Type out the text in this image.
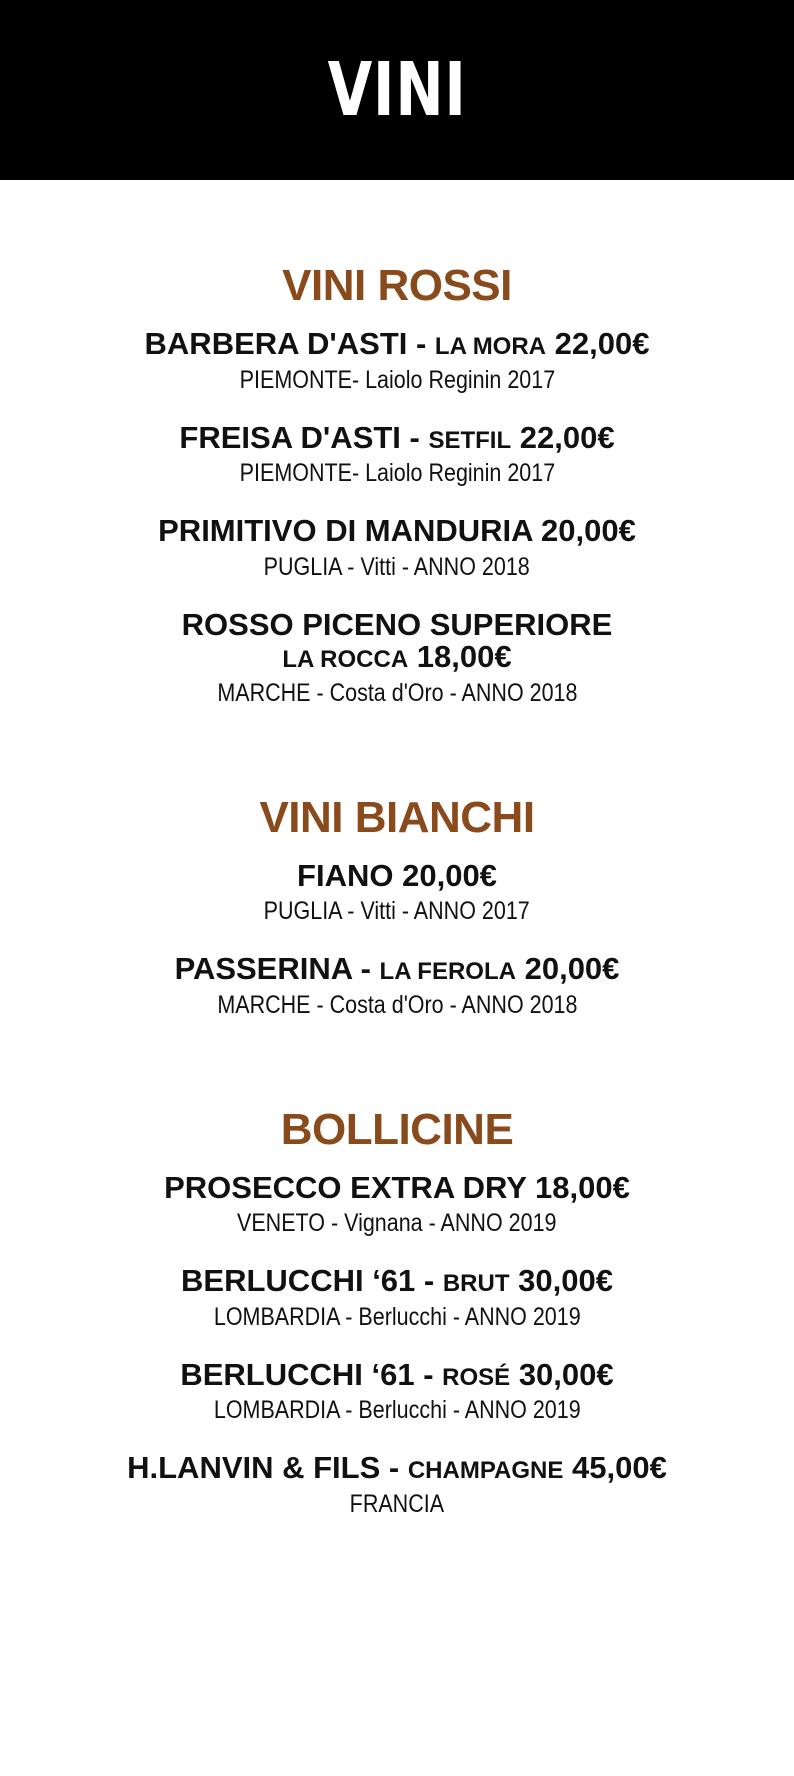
VINI
VINI ROSSI
BARBERA D'ASTI - LA MORA 22,00€
PIEMONTE- Laiolo Reginin 2017
FREISA D'ASTI - SETFIL 22,00€
PIEMONTE- Laiolo Reginin 2017
PRIMITIVO DI MANDURIA 20,00€
PUGLIA - Vitti - ANNO 2018
ROSSO PICENO SUPERIORE
LA ROCCA 18,00€
MARCHE - Costa d'Oro - ANNO 2018
VINI BIANCHI
FIANO 20,00€
PUGLIA - Vitti - ANNO 2017
PASSERINA - LA FEROLA 20,00€
MARCHE - Costa d'Oro - ANNO 2018
BOLLICINE
PROSECCO EXTRA DRY 18,00€
VENETO - Vignana - ANNO 2019
BERLUCCHI ‘61 - BRUT 30,00€
LOMBARDIA - Berlucchi - ANNO 2019
BERLUCCHI ‘61 - ROSÉ 30,00€
LOMBARDIA - Berlucchi - ANNO 2019
H.LANVIN & FILS - CHAMPAGNE 45,00€
FRANCIA
